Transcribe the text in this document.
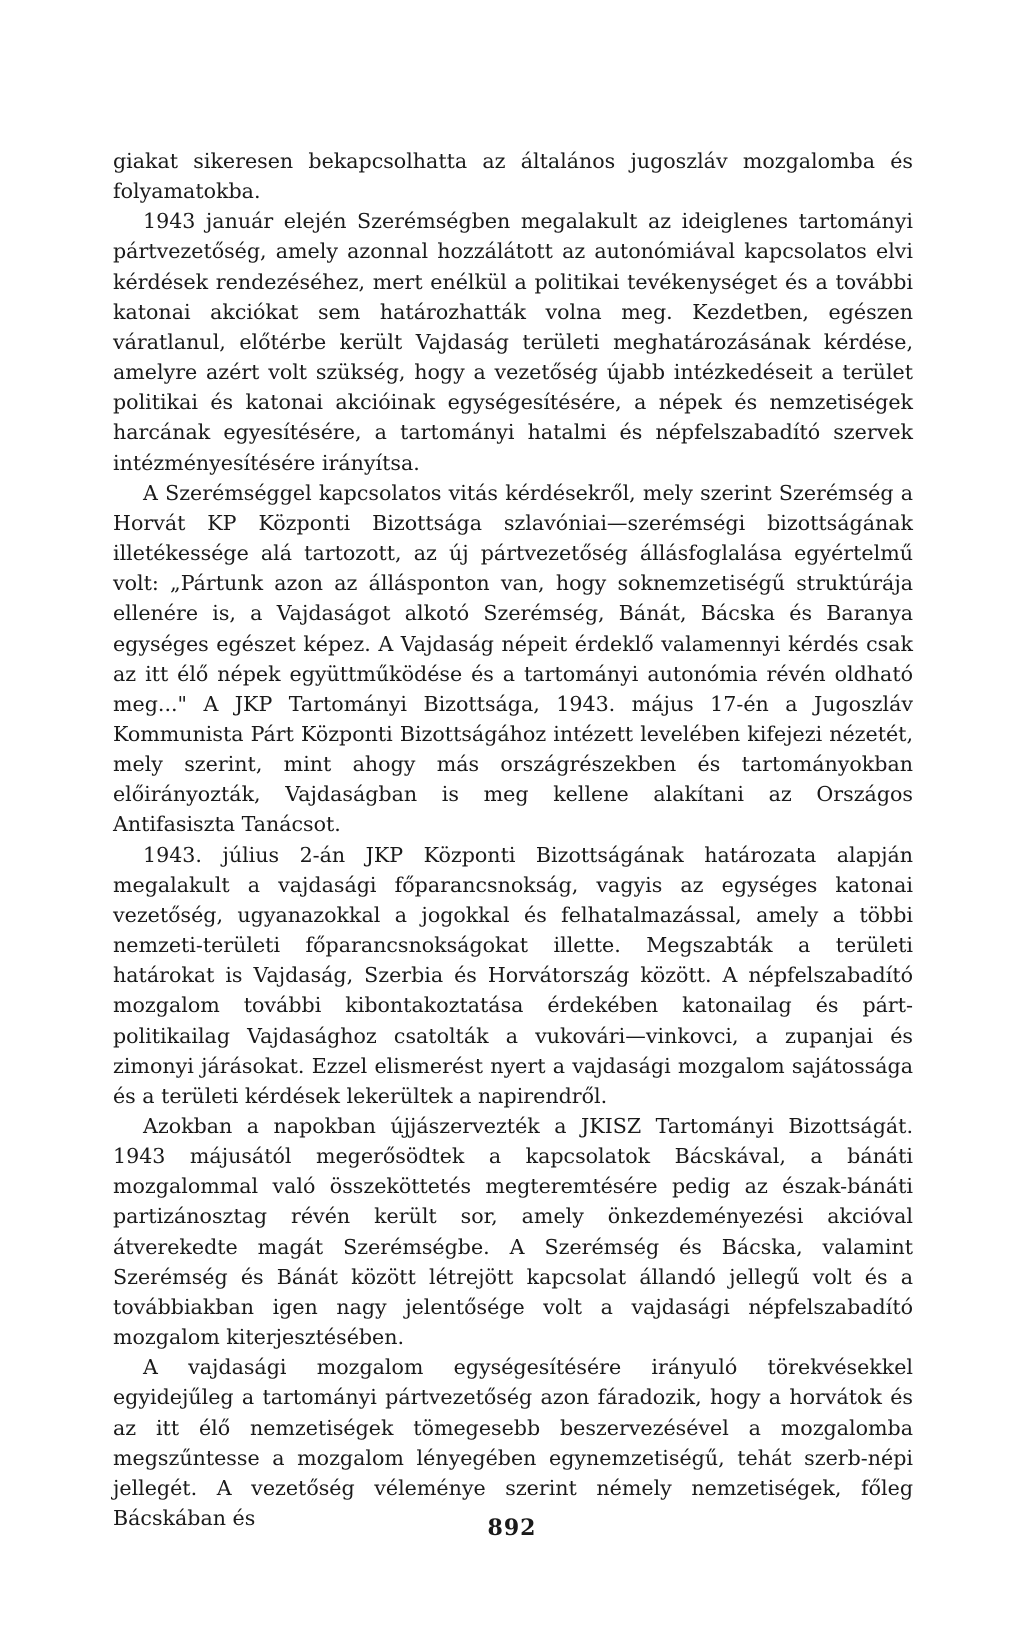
giakat sikeresen bekapcsolhatta az általános jugoszláv mozgalomba és folyamatokba.

1943 január elején Szerémségben megalakult az ideiglenes tartományi pártvezetőség, amely azonnal hozzálátott az autonómiával kapcsolatos elvi kérdések rendezéséhez, mert enélkül a politikai tevékenységet és a további katonai akciókat sem határozhatták volna meg. Kezdetben, egészen váratlanul, előtérbe került Vajdaság területi meghatározásának kérdése, amelyre azért volt szükség, hogy a vezetőség újabb intézkedéseit a terület politikai és katonai akcióinak egységesítésére, a népek és nemzetiségek harcának egyesítésére, a tartományi hatalmi és népfelszabadító szervek intézményesítésére irányítsa.

A Szerémséggel kapcsolatos vitás kérdésekről, mely szerint Szerémség a Horvát KP Központi Bizottsága szlavóniai—szerémségi bizottságának illetékessége alá tartozott, az új pártvezetőség állásfoglalása egyértelmű volt: „Pártunk azon az állásponton van, hogy soknemzetiségű struktúrája ellenére is, a Vajdaságot alkotó Szerémség, Bánát, Bácska és Baranya egységes egészet képez. A Vajdaság népeit érdeklő valamennyi kérdés csak az itt élő népek együttműködése és a tartományi autonómia révén oldható meg..." A JKP Tartományi Bizottsága, 1943. május 17-én a Jugoszláv Kommunista Párt Központi Bizottságához intézett levelében kifejezi nézetét, mely szerint, mint ahogy más országrészekben és tartományokban előirányozták, Vajdaságban is meg kellene alakítani az Országos Antifasiszta Tanácsot.

1943. július 2-án JKP Központi Bizottságának határozata alapján megalakult a vajdasági főparancsnokság, vagyis az egységes katonai vezetőség, ugyanazokkal a jogokkal és felhatalmazással, amely a többi nemzeti-területi főparancsnokságokat illette. Megszabták a területi határokat is Vajdaság, Szerbia és Horvátország között. A népfelszabadító mozgalom további kibontakoztatása érdekében katonailag és párt-politikailag Vajdasághoz csatolták a vukovári—vinkovci, a zupanjai és zimonyi járásokat. Ezzel elismerést nyert a vajdasági mozgalom sajátossága és a területi kérdések lekerültek a napirendről.

Azokban a napokban újjászervezték a JKISZ Tartományi Bizottságát. 1943 májusától megerősödtek a kapcsolatok Bácskával, a bánáti mozgalommal való összeköttetés megteremtésére pedig az észak-bánáti partizánosztag révén került sor, amely önkezdeményezési akcióval átverekedte magát Szerémségbe. A Szerémség és Bácska, valamint Szerémség és Bánát között létrejött kapcsolat állandó jellegű volt és a továbbiakban igen nagy jelentősége volt a vajdasági népfelszabadító mozgalom kiterjesztésében.

A vajdasági mozgalom egységesítésére irányuló törekvésekkel egyidejűleg a tartományi pártvezetőség azon fáradozik, hogy a horvátok és az itt élő nemzetiségek tömegesebb beszervezésével a mozgalomba megszűntesse a mozgalom lényegében egynemzetiségű, tehát szerb-népi jellegét. A vezetőség véleménye szerint némely nemzetiségek, főleg Bácskában és	892
